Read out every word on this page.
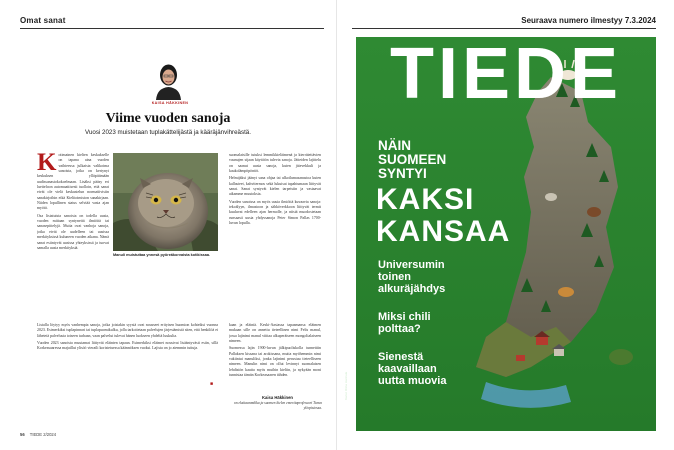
Omat sanat
KAISA HÄKKINEN
Viime vuoden sanoja
Vuosi 2023 muistetaan tuplakättelijästä ja kääräjänvihreästä.
K otimainen kielten keskukselle on tapana aina vuoden vaihteessa julkaista valikoima sanoista, jotka on kertynyt keskuksen ylläpitämään uudissanastokokoelmaan. Lisäksi pääsy eri luetteloon automaattisesti tuolloin, että sanat eivät ole vielä keskustelun normatiivisiin sanakirjoihin eikä Kielitoimiston sanakirjaan. Niiden lopullinen status selviää vasta ajan myötä.

Osa listatuista sanoista on todella uusia, vuoden mittaan syntyneitä ilmiöitä tai sanasepittelyjä. Muita ovat vanhoja sanoja, jotka eivät ole uudelleen tai uusissa merkityksissä kuluneen vuoden aikana. Nämä sanat esiintyvät uusissa yhteyksissä ja tuovat samalla uusia merkityksiä.

Manuli muistuttaa ynnesä pyöreäkorvaista kotikissaa.

Listalla löytyy myös vanhempia sanoja, jotka joistakin syystä ovat nousseet erityisen huomion kohteiksi vuonna 2023. Esimerkiksi tuplapinnari tai tuplapuomikulku, jolla tarkoitetaan palvelujen järjestämistä siten, että henkilöä ei lähetetä palvelusta toiseen turhaan, vaan palvelut tulevat hänen luokseen yhdeltä luukulta.

Vuoden 2023 sanoista muutamat liittyvät eläinten tapaan. Esimerkiksi eläimet nousivat lisääntyvästi esiin, sillä Korkeasaaressa majaillut ylisöö vieraili koristetuessa käännöksen vuoksi. Lajista on jo aiemmin tuttuja.

suomalaisille tutuksi lemmikkieläimenä ja kierrätettävien vaunujen sijaan käyttöön tulevia sanoja. Jätteiden lajittelu on saanut uusia sanoja, kuten jätevekkuli ja kaukolämpöpöntöt.

Helmijäksi jäänyt sana ohjaa tai ulkoilumasanastoa kuten kallasteet, kahvitermos sekä lukuisat tapahtumaan liittyvät sanat. Sanat syntyvät kielen tarpeisiin ja vastaavat aikamme muutoksia.

Vuoden sanoissa on myös uusia ilmiöitä kuvaavia sanoja: tekoälyyn, ilmastoon ja sähköverkkoon liittyvät termit kuuluvat edelleen ajan hermolle, ja niistä muodostetaan runsaasti uusia yhdyssanoja Peter Simon Pallas 1700-luvun lopulla.

kaan ja eläintä. Keski-Aasiassa tapaamansa eläimen mukaan sille on annettu tieteellinen nimi Felis manul, jossa lajinimi manul viittaa alkuperäiseen mongolialaiseen nimeen.

Suomessa lajin 1900-luvun jälkipuoliskolla tunnettiin Pallaksen kissana tai arokissana, mutta myöhemmin nimi vakiintui manuliksi, jonka lajinimi perustuu tieteelliseen nimeen. Manulin nimi on ollut levinnyt suomalaisen lehdistön kautta myös muihin kieliin, ja nykyään moni tunnistaa tämän Korkeasaaren tähden.

Kaisa Häkkinen
on eksitaanmikka ja suomen kielen emeritaprofessori Turun yliopistossa.
■
56 TIEDE 2/2024
Seuraava numero ilmestyy 7.3.2024
TIEDE
NÄIN
SUOMEEN
SYNTYI
KAKSI
KANSAA
Universumin
toinen
alkuräjähdys
Miksi chili
polttaa?
Sienestä
kaavaillaan
uutta muovia
Kansi: Riina Harmala
